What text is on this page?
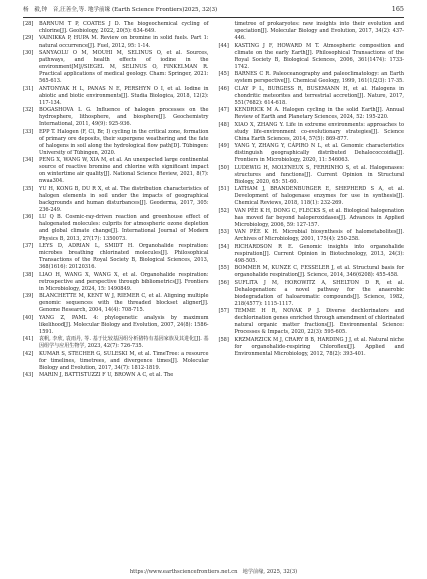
杨　毅,钟　音,汪善全,等. 地学前缘 (Earth Science Frontiers)2025, 32(3)	165
[28]	BARNUM T P, COATES J D. The biogeochemical cycling of chlorine[J]. Geobiology, 2022, 20(5): 634-649.
[29]	VAINIKKA P, HUPA M. Review on bromine in solid fuels. Part 1: natural occurrence[J]. Fuel, 2012, 95: 1-14.
[30]	SANYAOLU O M, MOUHI M, SELINUS O, et al. Sources, pathways, and health effects of iodine in the environment[M]//SIEGEL M, SELINUS O, FINKELMAN R. Practical applications of medical geology. Cham: Springer, 2021: 565-613.
[31]	ANTONYAK H L, PANAS N E, PERSHYN O I, et al. Iodine in abiotic and biotic environments[J]. Studia Biologica, 2018, 12(2): 117-134.
[32]	BOGASHOVA L G. Influence of halogen processes on the hydrosphere, lithosphere, and biosphere[J]. Geochemistry International, 2011, 49(9): 925-936.
[33]	EPP T. Halogen (F, Cl, Br, I) cycling in the critical zone, formation of primary ore deposits, their supergene weathering and the fate of halogens in soil along the hydrological flow path[D]. Tübingen: University of Tübingen, 2020.
[34]	PENG X, WANG W, XIA M, et al. An unexpected large continental source of reactive bromine and chlorine with significant impact on wintertime air quality[J]. National Science Review, 2021, 8(7): nwaa304.
[35]	YU H, KONG B, DU R X, et al. The distribution characteristics of halogen elements in soil under the impacts of geographical backgrounds and human disturbances[J]. Geoderma, 2017, 305: 236-249.
[36]	LU Q B. Cosmic-ray-driven reaction and greenhouse effect of halogenated molecules: culprits for atmospheric ozone depletion and global climate change[J]. International Journal of Modern Physics B, 2013, 27(17): 1350073.
[37]	LEYS D, ADRIAN L, SMIDT H. Organohalide respiration: microbes breathing chlorinated molecules[J]. Philosophical Transactions of the Royal Society B, Biological Sciences, 2013, 368(1616): 20120316.
[38]	LIAO H, WANG X, WANG X, et al. Organohalide respiration: retrospective and perspective through bibliometrics[J]. Frontiers in Microbiology, 2024, 15: 1490849.
[39]	BLANCHETTE M, KENT W J, RIEMER C, et al. Aligning multiple genomic sequences with the threaded blockset aligner[J]. Genome Research, 2004, 14(4): 708-715.
[40]	YANG Z, PAML 4: phylogenetic analysis by maximum likelihood[J]. Molecular Biology and Evolution, 2007, 24(8): 1586-1591.
[41]	袁帆, 李欣, 袁雨丹, 等. 基于比较基因组分析猪特有基因家族及其进化[J]. 基因组学与应用生物学, 2023, 42(7): 726-735.
[42]	KUMAR S, STECHER G, SULESKI M, et al. TimeTree: a resource for timelines, timetrees, and divergence times[J]. Molecular Biology and Evolution, 2017, 34(7): 1812-1819.
[43]	MARIN J, BATTISTUZZI F U, BROWN A C, et al. The
timetree of prokaryotes: new insights into their evolution and speciation[J]. Molecular Biology and Evolution, 2017, 34(2): 437-446.
[44]	KASTING J F, HOWARD M T. Atmospheric composition and climate on the early Earth[J]. Philosophical Transactions of the Royal Society B, Biological Sciences, 2006, 361(1474): 1733-1742.
[45]	BARNES C R. Paleoceanography and paleoclimatology: an Earth system perspective[J]. Chemical Geology, 1999, 161(1/2/3): 17-35.
[46]	CLAY P L, BURGESS R, BUSEMANN H, et al. Halogens in chondritic meteorites and terrestrial accretion[J]. Nature, 2017, 551(7682): 614-618.
[47]	KENDRICK M A. Halogen cycling in the solid Earth[J]. Annual Review of Earth and Planetary Sciences, 2024, 52: 195-220.
[48]	XIAO X, ZHANG Y. Life in extreme environments: approaches to study life-environment co-evolutionary strategies[J]. Science China Earth Sciences, 2014, 57(5): 869-877.
[49]	YANG Y, ZHANG Y, CÁPIRO N L, et al. Genomic characteristics distinguish geographically distributed Dehalococcoidia[J]. Frontiers in Microbiology, 2020, 11: 546063.
[50]	LUDEWIG H, MOLYNEUX S, FERRINHO S, et al. Halogenases: structures and functions[J]. Current Opinion in Structural Biology, 2020, 65: 51-60.
[51]	LATHAM J, BRANDENBURGER E, SHEPHERD S A, et al. Development of halogenase enzymes for use in synthesis[J]. Chemical Reviews, 2018, 118(1): 232-269.
[52]	VAN PÉE K H, DONG C, FLECKS S, et al. Biological halogenation has moved far beyond haloperoxidases[J]. Advances in Applied Microbiology, 2006, 59: 127-157.
[53]	VAN PÉE K H. Microbial biosynthesis of halometabolites[J]. Archives of Microbiology, 2001, 175(4): 250-258.
[54]	RICHARDSON R E. Genomic insights into organohalide respiration[J]. Current Opinion in Biotechnology, 2013, 24(3): 498-505.
[55]	BOMMER M, KUNZE C, FESSELER J, et al. Structural basis for organohalide respiration[J]. Science, 2014, 346(6208): 455-458.
[56]	SUFLITA J M, HOROWITZ A, SHELTON D R, et al. Dehalogenation: a novel pathway for the anaerobic biodegradation of haloaromatic compounds[J]. Science, 1982, 218(4577): 1115-1117.
[57]	TEMME H R, NOVAK P J. Diverse dechlorinators and dechlorination genes enriched through amendment of chlorinated natural organic matter fractions[J]. Environmental Science: Processes & Impacts, 2020, 22(3): 595-605.
[58]	KRZMARZICK M J, CRARY B B, HARDING J J, et al. Natural niche for organohalide-respiring Chloroflexi[J]. Applied and Environmental Microbiology, 2012, 78(2): 393-401.
https://www.earthsciencefrontiers.net.cn　地学前缘, 2025, 32(3)
